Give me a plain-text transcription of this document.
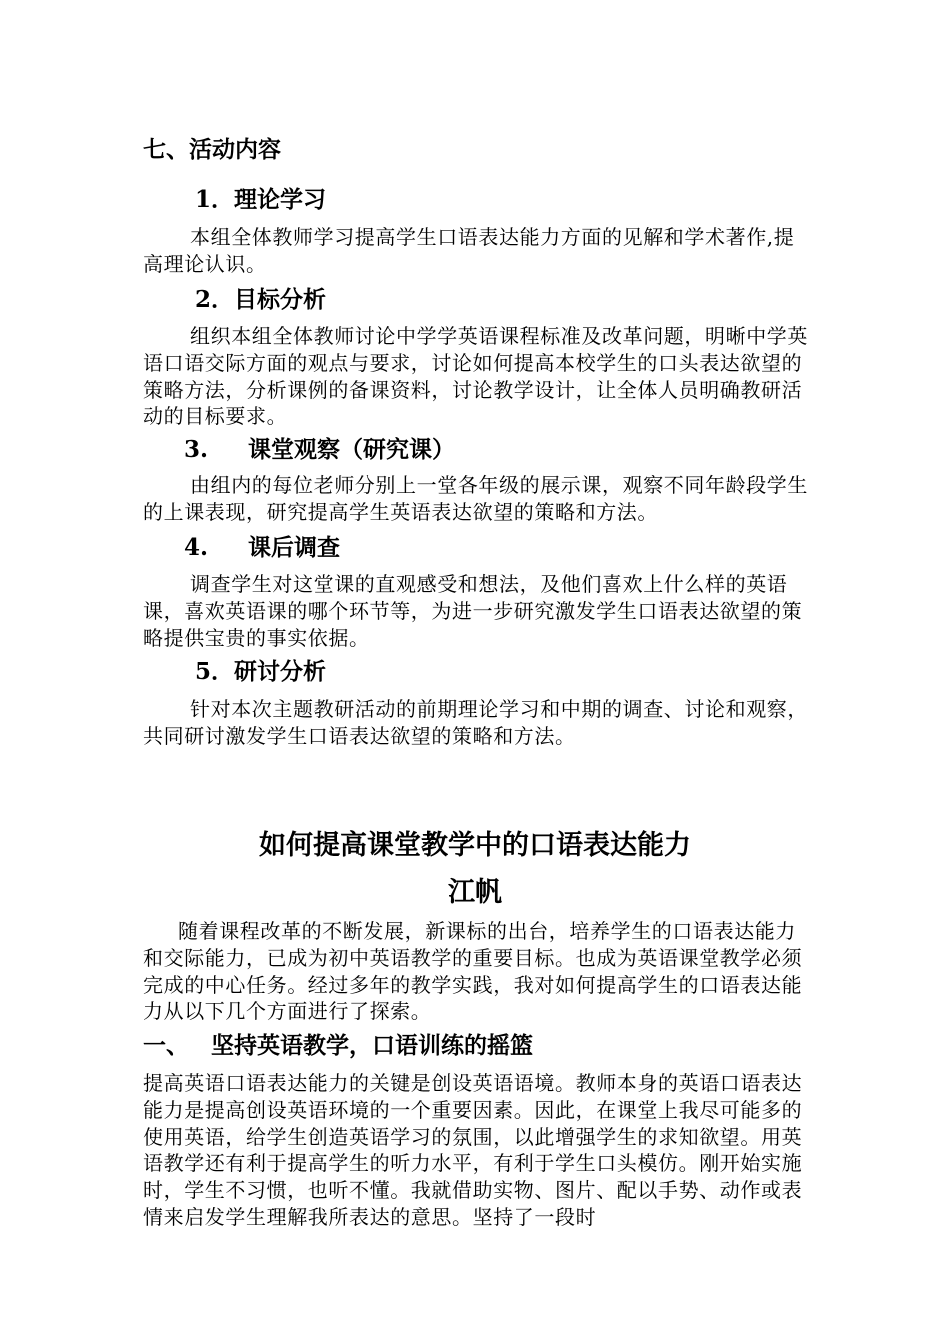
七、活动内容
1．理论学习

本组全体教师学习提高学生口语表达能力方面的见解和学术著作,提高理论认识。

2．目标分析

组织本组全体教师讨论中学学英语课程标准及改革问题，明晰中学英语口语交际方面的观点与要求，讨论如何提高本校学生的口头表达欲望的策略方法，分析课例的备课资料，讨论教学设计，让全体人员明确教研活动的目标要求。

3. 课堂观察（研究课）

由组内的每位老师分别上一堂各年级的展示课，观察不同年龄段学生的上课表现，研究提高学生英语表达欲望的策略和方法。

4. 课后调查

调查学生对这堂课的直观感受和想法，及他们喜欢上什么样的英语课，喜欢英语课的哪个环节等，为进一步研究激发学生口语表达欲望的策略提供宝贵的事实依据。

5．研讨分析

针对本次主题教研活动的前期理论学习和中期的调查、讨论和观察，共同研讨激发学生口语表达欲望的策略和方法。

如何提高课堂教学中的口语表达能力
江帆

随着课程改革的不断发展，新课标的出台，培养学生的口语表达能力和交际能力，已成为初中英语教学的重要目标。也成为英语课堂教学必须完成的中心任务。经过多年的教学实践，我对如何提高学生的口语表达能力从以下几个方面进行了探索。

一、 坚持英语教学，口语训练的摇篮

提高英语口语表达能力的关键是创设英语语境。教师本身的英语口语表达能力是提高创设英语环境的一个重要因素。因此，在课堂上我尽可能多的使用英语，给学生创造英语学习的氛围，以此增强学生的求知欲望。用英语教学还有利于提高学生的听力水平，有利于学生口头模仿。刚开始实施时，学生不习惯，也听不懂。我就借助实物、图片、配以手势、动作或表情来启发学生理解我所表达的意思。坚持了一段时
